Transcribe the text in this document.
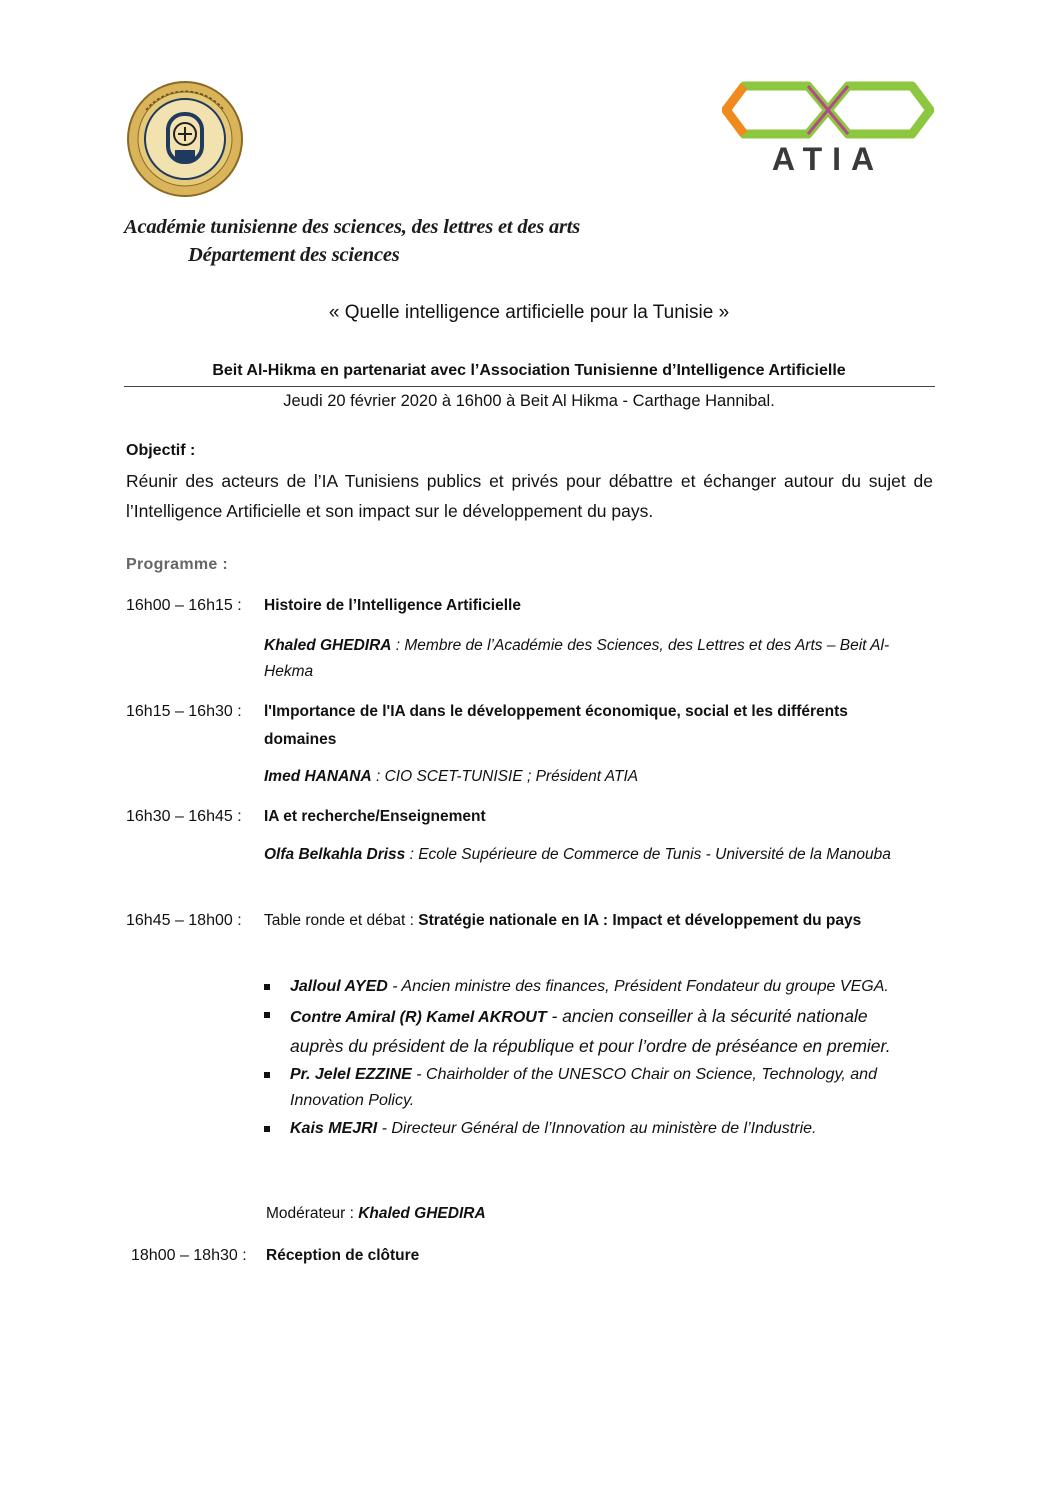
ATIA
Académie tunisienne des sciences, des lettres et des arts
Département des sciences
« Quelle intelligence artificielle pour la Tunisie »
Beit Al-Hikma en partenariat avec l’Association Tunisienne d’Intelligence Artificielle
Jeudi 20 février 2020 à 16h00 à Beit Al Hikma - Carthage Hannibal.
Objectif :
Réunir des acteurs de l’IA Tunisiens publics et privés pour débattre et échanger autour du sujet de l’Intelligence Artificielle et son impact sur le développement du pays.
Programme :
16h00 – 16h15 : Histoire de l’Intelligence Artificielle
Khaled GHEDIRA : Membre de l’Académie des Sciences, des Lettres et des Arts – Beit Al-Hekma
16h15 – 16h30 : l'Importance de l'IA dans le développement économique, social et les différents domaines
Imed HANANA : CIO SCET-TUNISIE ; Président ATIA
16h30 – 16h45 : IA et recherche/Enseignement
Olfa Belkahla Driss : Ecole Supérieure de Commerce de Tunis - Université de la Manouba
16h45 – 18h00 : Table ronde et débat : Stratégie nationale en IA : Impact et développement du pays
Jalloul AYED - Ancien ministre des finances, Président Fondateur du groupe VEGA.
Contre Amiral (R) Kamel AKROUT - ancien conseiller à la sécurité nationale auprès du président de la république et pour l’ordre de préséance en premier.
Pr. Jelel EZZINE - Chairholder of the UNESCO Chair on Science, Technology, and Innovation Policy.
Kais MEJRI - Directeur Général de l’Innovation au ministère de l’Industrie.
Modérateur : Khaled GHEDIRA
18h00 – 18h30 : Réception de clôture
